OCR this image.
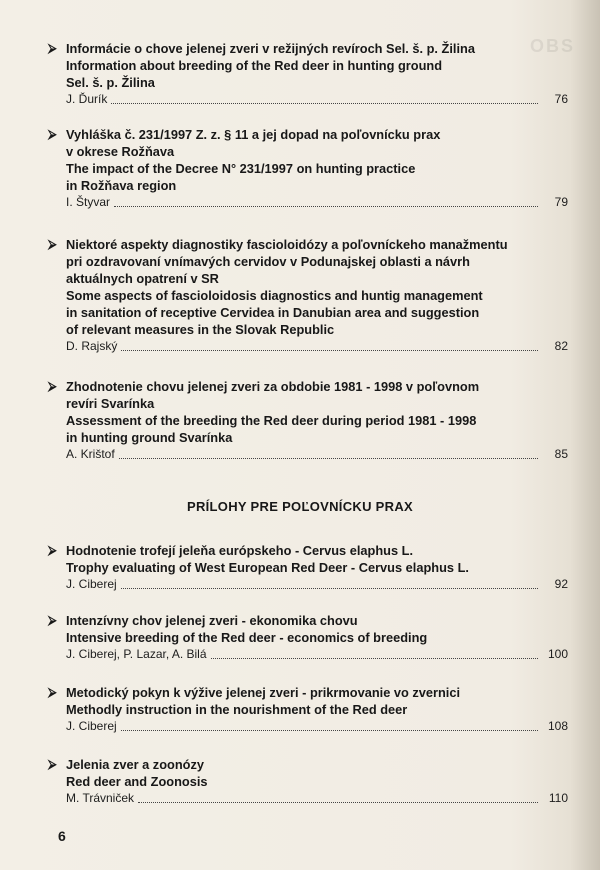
OBS
⮚ Informácie o chove jelenej zveri v režijných revíroch Sel. š. p. Žilina
Information about breeding of the Red deer in hunting ground
Sel. š. p. Žilina
J. Ďurík	76
⮚ Vyhláška č. 231/1997 Z. z. § 11 a jej dopad na poľovnícku prax
v okrese Rožňava
The impact of the Decree N° 231/1997 on hunting practice
in Rožňava region
I. Štyvar	79
⮚ Niektoré aspekty diagnostiky fascioloidózy a poľovníckeho manažmentu
pri ozdravovaní vnímavých cervidov v Podunajskej oblasti a návrh
aktuálnych opatrení v SR
Some aspects of fascioloidosis diagnostics and huntig management
in sanitation of receptive Cervidea in Danubian area and suggestion
of relevant measures in the Slovak Republic
D. Rajský	82
⮚ Zhodnotenie chovu jelenej zveri za obdobie 1981 - 1998 v poľovnom
revíri Svarínka
Assessment of the breeding the Red deer during period 1981 - 1998
in hunting ground Svarínka
A. Krištof	85
PRÍLOHY PRE POĽOVNÍCKU PRAX
⮚ Hodnotenie trofejí jeleňa európskeho - Cervus elaphus L.
Trophy evaluating of West European Red Deer - Cervus elaphus L.
J. Ciberej	92
⮚ Intenzívny chov jelenej zveri - ekonomika chovu
Intensive breeding of the Red deer - economics of breeding
J. Ciberej, P. Lazar, A. Bilá	100
⮚ Metodický pokyn k výžive jelenej zveri - prikrmovanie vo zvernici
Methodly instruction in the nourishment of the Red deer
J. Ciberej	108
⮚ Jelenia zver a zoonózy
Red deer and Zoonosis
M. Trávniček	110
6
